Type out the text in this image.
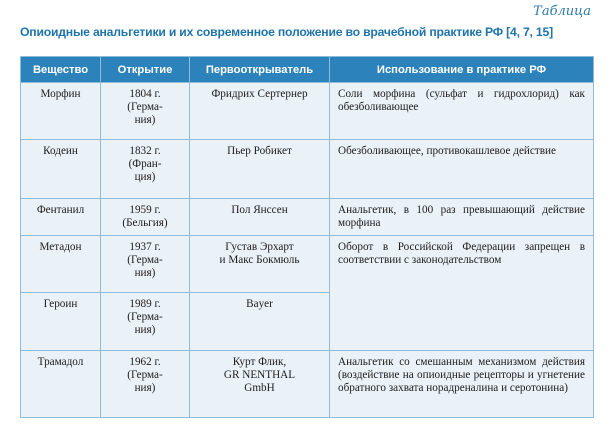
Таблица
Опиоидные анальгетики и их современное положение во врачебной практике РФ [4, 7, 15]
Вещество	Открытие	Первооткрыватель	Использование в практике РФ
Морфин	1804 г.
(Герма-
ния)	Фридрих Сертернер	Соли морфина (сульфат и гидрохлорид) как обезболивающее
Кодеин	1832 г.
(Фран-
ция)	Пьер Робикет	Обезболивающее, противокашлевое действие
Фентанил	1959 г.
(Бельгия)	Пол Янссен	Анальгетик, в 100 раз превышающий действие морфина
Метадон	1937 г.
(Герма-
ния)	Густав Эрхарт
и Макс Бокмюль	Оборот в Российской Федерации запрещен в соответствии с законодательством
Героин	1989 г.
(Герма-
ния)	Bayer	

Трамадол	1962 г.
(Герма-
ния)	Курт Флик,
GR NENTHAL
GmbH	Анальгетик со смешанным механизмом действия (воздействие на опиоидные рецепторы и угнетение обратного захвата норадреналина и серотонина)
